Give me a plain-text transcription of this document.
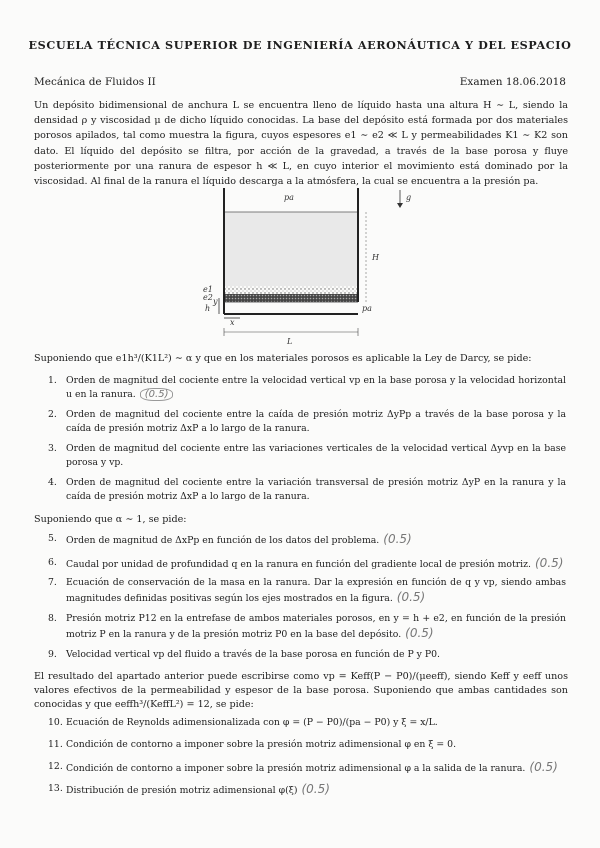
ESCUELA TÉCNICA SUPERIOR DE INGENIERÍA AERONÁUTICA Y DEL ESPACIO
Mecánica de Fluidos II	Examen 18.06.2018
Un depósito bidimensional de anchura L se encuentra lleno de líquido hasta una altura H ∼ L, siendo la densidad ρ y viscosidad μ de dicho líquido conocidas. La base del depósito está formada por dos materiales porosos apilados, tal como muestra la figura, cuyos espesores e1 ∼ e2 ≪ L y permeabilidades K1 ∼ K2 son dato. El líquido del depósito se filtra, por acción de la gravedad, a través de la base porosa y fluye posteriormente por una ranura de espesor h ≪ L, en cuyo interior el movimiento está dominado por la viscosidad. Al final de la ranura el líquido descarga a la atmósfera, la cual se encuentra a la presión pa.
pa	g
H
e1
e2
h
y
x
pa
L
Suponiendo que e1h³/(K1L²) ∼ α y que en los materiales porosos es aplicable la Ley de Darcy, se pide:
1. Orden de magnitud del cociente entre la velocidad vertical vp en la base porosa y la velocidad horizontal u en la ranura. (0.5)
2. Orden de magnitud del cociente entre la caída de presión motriz ΔyPp a través de la base porosa y la caída de presión motriz ΔxP a lo largo de la ranura.
3. Orden de magnitud del cociente entre las variaciones verticales de la velocidad vertical Δyvp en la base porosa y vp.
4. Orden de magnitud del cociente entre la variación transversal de presión motriz ΔyP en la ranura y la caída de presión motriz ΔxP a lo largo de la ranura.
Suponiendo que α ∼ 1, se pide:
5. Orden de magnitud de ΔxPp en función de los datos del problema. (0.5)
6. Caudal por unidad de profundidad q en la ranura en función del gradiente local de presión motriz. (0.5)
7. Ecuación de conservación de la masa en la ranura. Dar la expresión en función de q y vp, siendo ambas magnitudes definidas positivas según los ejes mostrados en la figura. (0.5)
8. Presión motriz P12 en la entrefase de ambos materiales porosos, en y = h + e2, en función de la presión motriz P en la ranura y de la presión motriz P0 en la base del depósito. (0.5)
9. Velocidad vertical vp del fluido a través de la base porosa en función de P y P0.
El resultado del apartado anterior puede escribirse como vp = Keff(P − P0)/(μeeff), siendo Keff y eeff unos valores efectivos de la permeabilidad y espesor de la base porosa. Suponiendo que ambas cantidades son conocidas y que eeffh³/(KeffL²) = 12, se pide:
10. Ecuación de Reynolds adimensionalizada con φ = (P − P0)/(pa − P0) y ξ = x/L.
11. Condición de contorno a imponer sobre la presión motriz adimensional φ en ξ = 0.
12. Condición de contorno a imponer sobre la presión motriz adimensional φ a la salida de la ranura. (0.5)
13. Distribución de presión motriz adimensional φ(ξ) (0.5)
